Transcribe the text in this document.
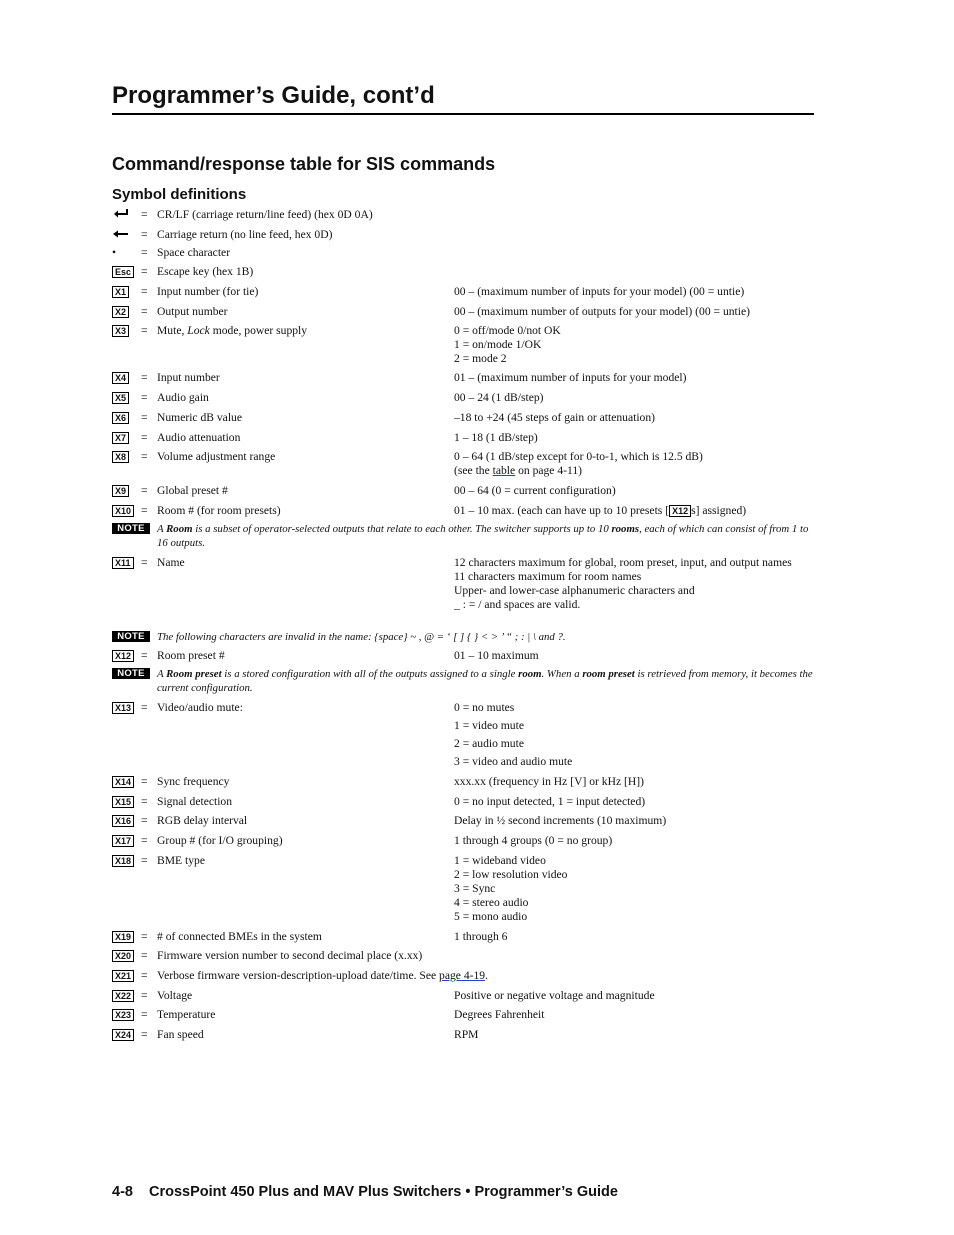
Programmer’s Guide, cont’d
Command/response table for SIS commands
Symbol definitions
= CR/LF (carriage return/line feed) (hex 0D 0A)
= Carriage return (no line feed, hex 0D)
• = Space character
Esc = Escape key (hex 1B)
X1 = Input number (for tie)	00 – (maximum number of inputs for your model) (00 = untie)
X2 = Output number	00 – (maximum number of outputs for your model) (00 = untie)
X3 = Mute, Lock mode, power supply	0 = off/mode 0/not OK
1 = on/mode 1/OK
2 = mode 2
X4 = Input number	01 – (maximum number of inputs for your model)
X5 = Audio gain	00 – 24 (1 dB/step)
X6 = Numeric dB value	–18 to +24 (45 steps of gain or attenuation)
X7 = Audio attenuation	1 – 18 (1 dB/step)
X8 = Volume adjustment range	0 – 64 (1 dB/step except for 0-to-1, which is 12.5 dB)
(see the table on page 4-11)
X9 = Global preset #	00 – 64 (0 = current configuration)
X10 = Room # (for room presets)	01 – 10 max. (each can have up to 10 presets [ X12 s] assigned)
NOTE	A Room is a subset of operator-selected outputs that relate to each other. The switcher supports up to 10 rooms, each of which can consist of from 1 to 16 outputs.
X11 = Name	12 characters maximum for global, room preset, input, and output names
11 characters maximum for room names
Upper- and lower-case alphanumeric characters and
_ : = / and spaces are valid.
NOTE	The following characters are invalid in the name: {space} ~ , @ = ‘ [ ] { } < > ’ “ ; : | \ and ?.
X12 = Room preset #	01 – 10 maximum
NOTE	A Room preset is a stored configuration with all of the outputs assigned to a single room. When a room preset is retrieved from memory, it becomes the current configuration.
X13 = Video/audio mute:	0 = no mutes
1 = video mute
2 = audio mute
3 = video and audio mute
X14 = Sync frequency	xxx.xx (frequency in Hz [V] or kHz [H])
X15 = Signal detection	0 = no input detected, 1 = input detected)
X16 = RGB delay interval	Delay in ½ second increments (10 maximum)
X17 = Group # (for I/O grouping)	1 through 4 groups (0 = no group)
X18 = BME type	1 = wideband video
2 = low resolution video
3 = Sync
4 = stereo audio
5 = mono audio
X19 = # of connected BMEs in the system	1 through 6
X20 = Firmware version number to second decimal place (x.xx)
X21 = Verbose firmware version-description-upload date/time. See page 4-19.
X22 = Voltage	Positive or negative voltage and magnitude
X23 = Temperature	Degrees Fahrenheit
X24 = Fan speed	RPM
4-8 CrossPoint 450 Plus and MAV Plus Switchers • Programmer’s Guide
